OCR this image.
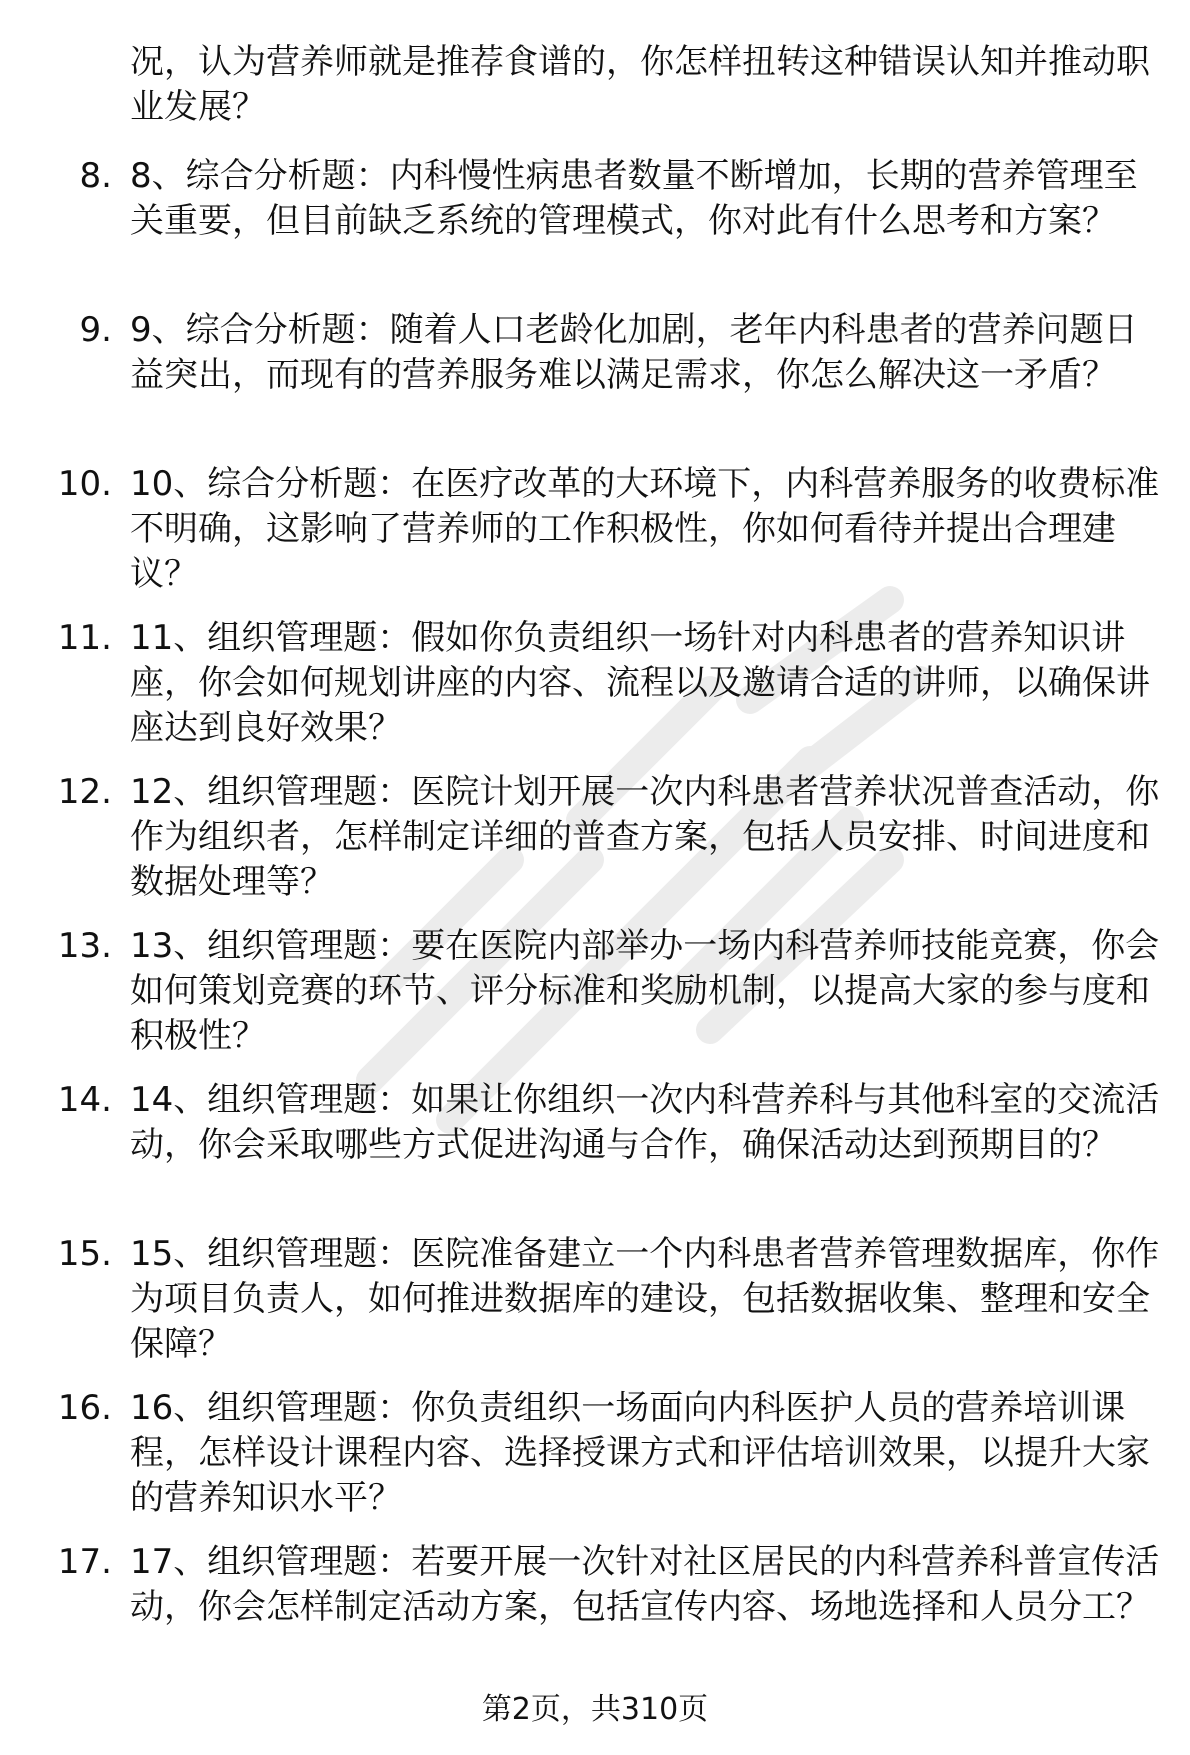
况，认为营养师就是推荐食谱的，你怎样扭转这种错误认知并推动职业发展？

8. 8、综合分析题：内科慢性病患者数量不断增加，长期的营养管理至关重要，但目前缺乏系统的管理模式，你对此有什么思考和方案？

9. 9、综合分析题：随着人口老龄化加剧，老年内科患者的营养问题日益突出，而现有的营养服务难以满足需求，你怎么解决这一矛盾？

10. 10、综合分析题：在医疗改革的大环境下，内科营养服务的收费标准不明确，这影响了营养师的工作积极性，你如何看待并提出合理建议？

11. 11、组织管理题：假如你负责组织一场针对内科患者的营养知识讲座，你会如何规划讲座的内容、流程以及邀请合适的讲师，以确保讲座达到良好效果？

12. 12、组织管理题：医院计划开展一次内科患者营养状况普查活动，你作为组织者，怎样制定详细的普查方案，包括人员安排、时间进度和数据处理等？

13. 13、组织管理题：要在医院内部举办一场内科营养师技能竞赛，你会如何策划竞赛的环节、评分标准和奖励机制，以提高大家的参与度和积极性？

14. 14、组织管理题：如果让你组织一次内科营养科与其他科室的交流活动，你会采取哪些方式促进沟通与合作，确保活动达到预期目的？

15. 15、组织管理题：医院准备建立一个内科患者营养管理数据库，你作为项目负责人，如何推进数据库的建设，包括数据收集、整理和安全保障？

16. 16、组织管理题：你负责组织一场面向内科医护人员的营养培训课程，怎样设计课程内容、选择授课方式和评估培训效果，以提升大家的营养知识水平？

17. 17、组织管理题：若要开展一次针对社区居民的内科营养科普宣传活动，你会怎样制定活动方案，包括宣传内容、场地选择和人员分工？

第2页，共310页
